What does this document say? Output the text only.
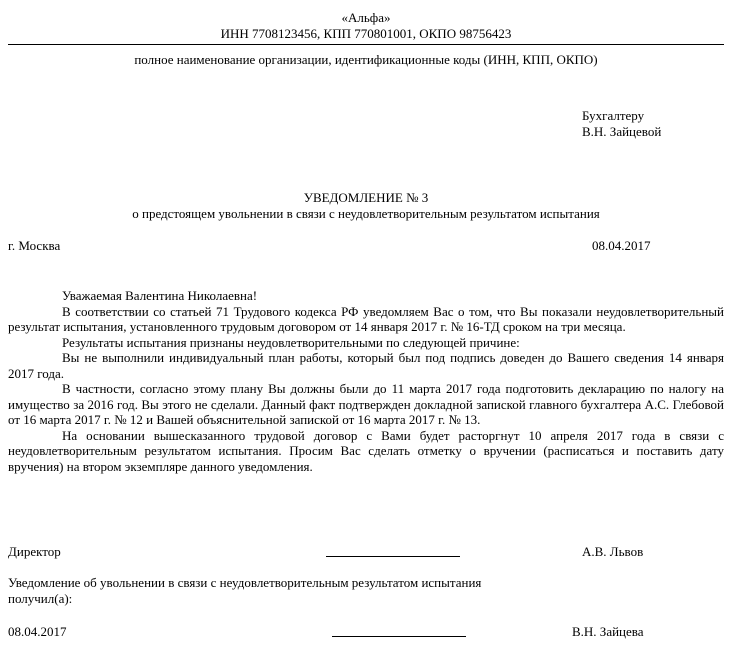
«Альфа»
ИНН 7708123456, КПП 770801001, ОКПО 98756423
полное наименование организации, идентификационные коды (ИНН, КПП, ОКПО)
Бухгалтеру
В.Н. Зайцевой
УВЕДОМЛЕНИЕ № 3
о предстоящем увольнении в связи с неудовлетворительным результатом испытания
г. Москва	08.04.2017

Уважаемая Валентина Николаевна!

В соответствии со статьей 71 Трудового кодекса РФ уведомляем Вас о том, что Вы показали неудовлетворительный результат испытания, установленного трудовым договором от 14 января 2017 г. № 16-ТД сроком на три месяца.

Результаты испытания признаны неудовлетворительными по следующей причине:

Вы не выполнили индивидуальный план работы, который был под подпись доведен до Вашего сведения 14 января 2017 года.

В частности, согласно этому плану Вы должны были до 11 марта 2017 года подготовить декларацию по налогу на имущество за 2016 год. Вы этого не сделали. Данный факт подтвержден докладной запиской главного бухгалтера А.С. Глебовой от 16 марта 2017 г. № 12 и Вашей объяснительной запиской от 16 марта 2017 г. № 13.

На основании вышесказанного трудовой договор с Вами будет расторгнут 10 апреля 2017 года в связи с неудовлетворительным результатом испытания. Просим Вас сделать отметку о вручении (расписаться и поставить дату вручения) на втором экземпляре данного уведомления.

Директор	А.В. Львов
Уведомление об увольнении в связи с неудовлетворительным результатом испытания
получил(а):
08.04.2017	В.Н. Зайцева
